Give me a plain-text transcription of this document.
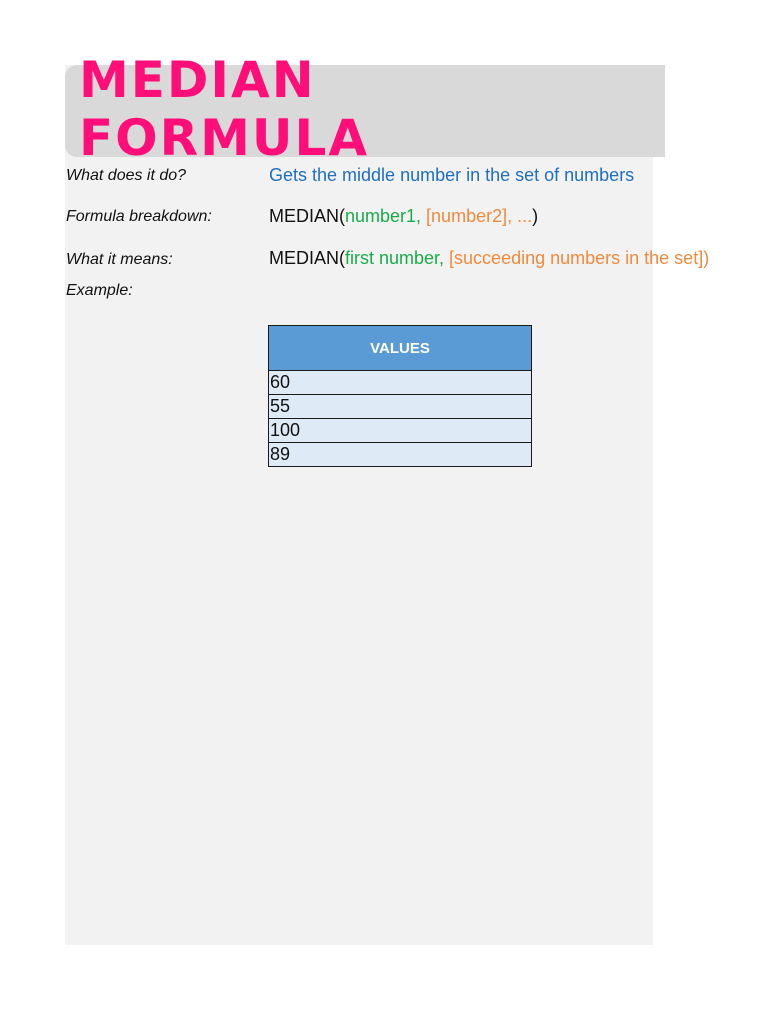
MEDIAN
FORMULA
What does it do?	Gets the middle number in the set of numbers
Formula breakdown:	MEDIAN(number1, [number2], ...)
What it means:	MEDIAN(first number, [succeeding numbers in the set])
Example:
VALUES
60
55
100
89
